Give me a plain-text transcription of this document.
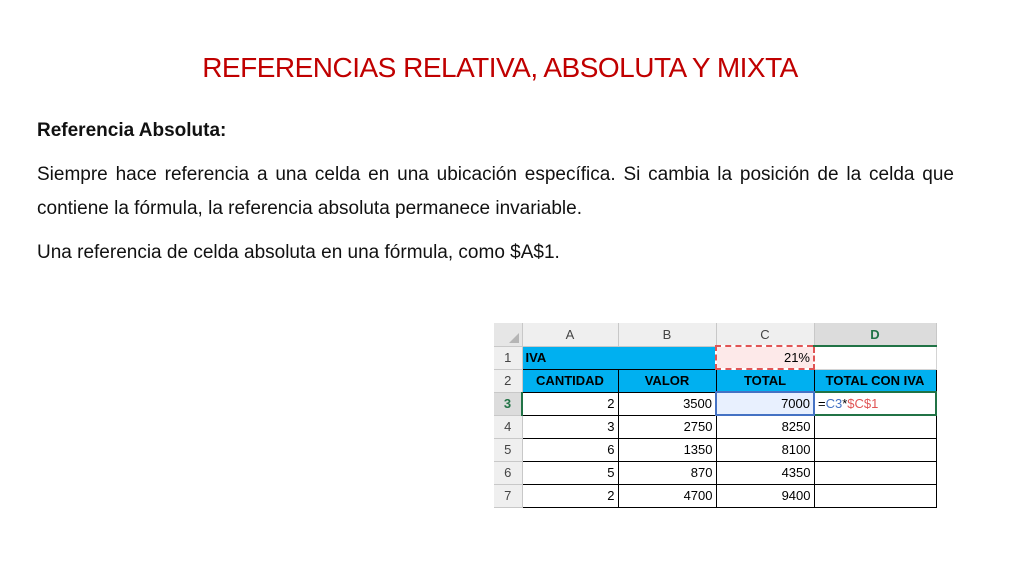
REFERENCIAS RELATIVA, ABSOLUTA Y MIXTA
Referencia Absoluta:
Siempre hace referencia a una celda en una ubicación específica. Si cambia la posición de la celda que contiene la fórmula, la referencia absoluta permanece invariable.
Una referencia de celda absoluta en una fórmula, como $A$1.
	A	B	C	D
1	IVA		21%	
2	CANTIDAD	VALOR	TOTAL	TOTAL CON IVA
3	2	3500	7000	=C3*$C$1
4	3	2750	8250	
5	6	1350	8100	
6	5	870	4350	
7	2	4700	9400	
